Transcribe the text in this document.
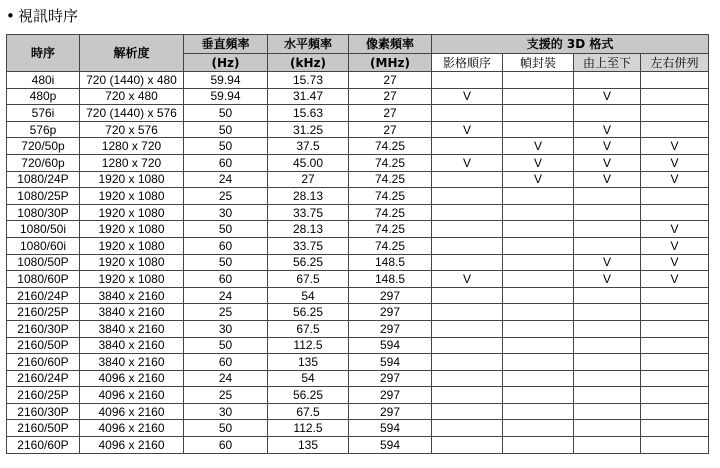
• 視訊時序
時序	解析度	垂直頻率	水平頻率	像素頻率	支援的 3D 格式			
		(Hz)	(kHz)	(MHz)	影格順序	幀封裝	由上至下	左右併列
480i	720 (1440) x 480	59.94	15.73	27				
480p	720 x 480	59.94	31.47	27	V		V	
576i	720 (1440) x 576	50	15.63	27				
576p	720 x 576	50	31.25	27	V		V	
720/50p	1280 x 720	50	37.5	74.25		V	V	V
720/60p	1280 x 720	60	45.00	74.25	V	V	V	V
1080/24P	1920 x 1080	24	27	74.25		V	V	V
1080/25P	1920 x 1080	25	28.13	74.25				
1080/30P	1920 x 1080	30	33.75	74.25				
1080/50i	1920 x 1080	50	28.13	74.25				V
1080/60i	1920 x 1080	60	33.75	74.25				V
1080/50P	1920 x 1080	50	56.25	148.5			V	V
1080/60P	1920 x 1080	60	67.5	148.5	V		V	V
2160/24P	3840 x 2160	24	54	297				
2160/25P	3840 x 2160	25	56.25	297				
2160/30P	3840 x 2160	30	67.5	297				
2160/50P	3840 x 2160	50	112.5	594				
2160/60P	3840 x 2160	60	135	594				
2160/24P	4096 x 2160	24	54	297				
2160/25P	4096 x 2160	25	56.25	297				
2160/30P	4096 x 2160	30	67.5	297				
2160/50P	4096 x 2160	50	112.5	594				
2160/60P	4096 x 2160	60	135	594				
